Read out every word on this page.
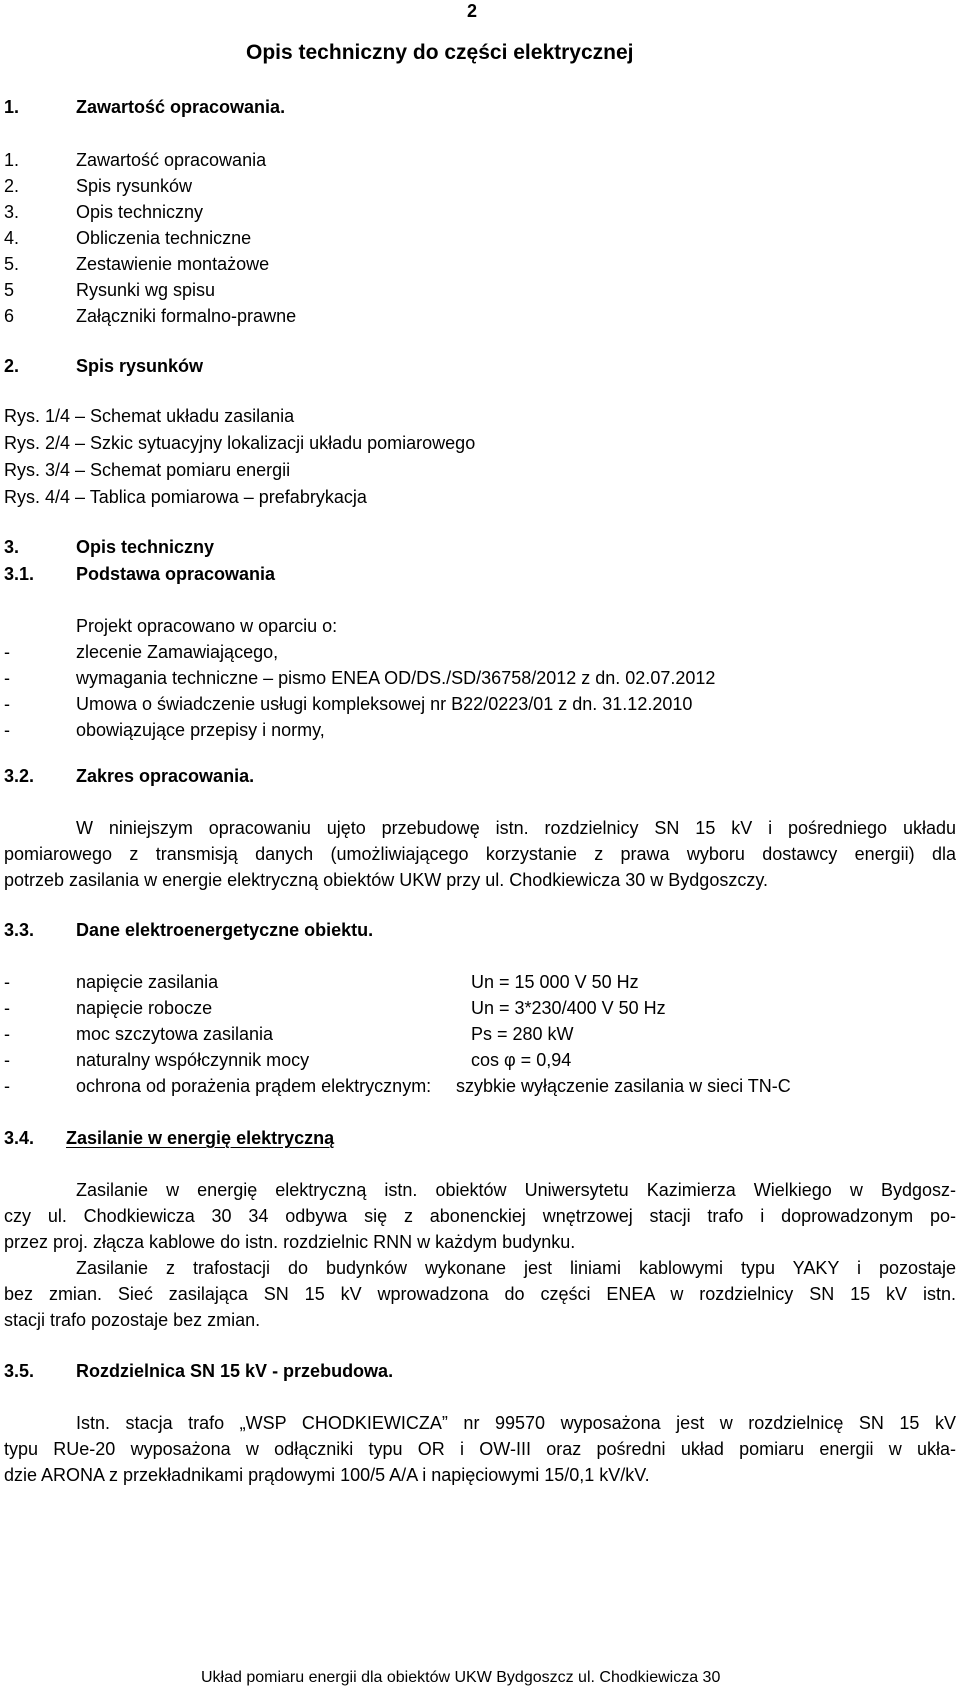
2
Opis techniczny do części elektrycznej
1.	Zawartość opracowania.
1.	Zawartość opracowania
2.	Spis rysunków
3.	Opis techniczny
4.	Obliczenia techniczne
5.	Zestawienie montażowe
5	Rysunki wg spisu
6	Załączniki formalno-prawne
2.	Spis rysunków
Rys. 1/4 – Schemat układu zasilania
Rys. 2/4 – Szkic sytuacyjny lokalizacji układu pomiarowego
Rys. 3/4 – Schemat pomiaru energii
Rys. 4/4 – Tablica pomiarowa – prefabrykacja
3.	Opis techniczny
3.1. Podstawa opracowania
Projekt opracowano w oparciu o:
-	zlecenie Zamawiającego,
-	wymagania techniczne – pismo ENEA OD/DS./SD/36758/2012 z dn. 02.07.2012
-	Umowa o świadczenie usługi kompleksowej nr B22/0223/01 z dn. 31.12.2010
-	obowiązujące przepisy i normy,
3.2. Zakres opracowania.
W niniejszym opracowaniu ujęto przebudowę istn. rozdzielnicy SN 15 kV i pośredniego układu
pomiarowego z transmisją danych (umożliwiającego korzystanie z prawa wyboru dostawcy energii) dla
potrzeb zasilania w energie elektryczną obiektów UKW przy ul. Chodkiewicza 30 w Bydgoszczy.
3.3. Dane elektroenergetyczne obiektu.
-	napięcie zasilania	Un = 15 000 V 50 Hz
-	napięcie robocze	Un = 3*230/400 V 50 Hz
-	moc szczytowa zasilania	Ps = 280 kW
-	naturalny współczynnik mocy	cos φ = 0,94
-	ochrona od porażenia prądem elektrycznym: szybkie wyłączenie zasilania w sieci TN-C
3.4. Zasilanie w energię elektryczną
Zasilanie w energię elektryczną istn. obiektów Uniwersytetu Kazimierza Wielkiego w Bydgosz-
czy ul. Chodkiewicza 30 34 odbywa się z abonenckiej wnętrzowej stacji trafo i doprowadzonym po-
przez proj. złącza kablowe do istn. rozdzielnic RNN w każdym budynku.
Zasilanie z trafostacji do budynków wykonane jest liniami kablowymi typu YAKY i pozostaje
bez zmian. Sieć zasilająca SN 15 kV wprowadzona do części ENEA w rozdzielnicy SN 15 kV istn.
stacji trafo pozostaje bez zmian.
3.5. Rozdzielnica SN 15 kV - przebudowa.
Istn. stacja trafo „WSP CHODKIEWICZA” nr 99570 wyposażona jest w rozdzielnicę SN 15 kV
typu RUe-20 wyposażona w odłączniki typu OR i OW-III oraz pośredni układ pomiaru energii w ukła-
dzie ARONA z przekładnikami prądowymi 100/5 A/A i napięciowymi 15/0,1 kV/kV.
Układ pomiaru energii dla obiektów UKW Bydgoszcz ul. Chodkiewicza 30
